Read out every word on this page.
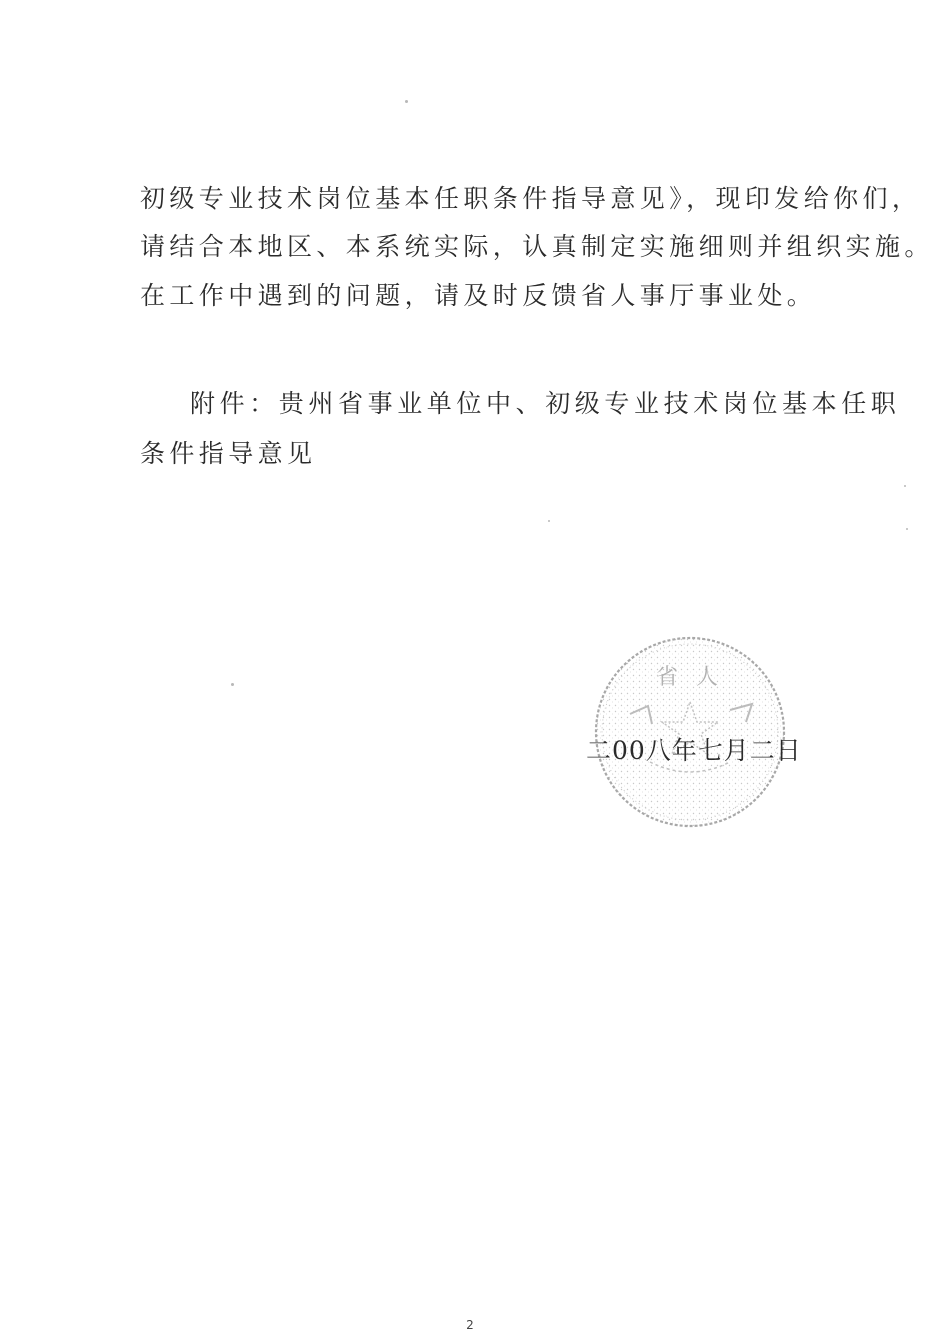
初级专业技术岗位基本任职条件指导意见》，现印发给你们，
请结合本地区、本系统实际，认真制定实施细则并组织实施。
在工作中遇到的问题，请及时反馈省人事厅事业处。
附件：贵州省事业单位中、初级专业技术岗位基本任职
条件指导意见
省 人
二00八年七月二日
2
